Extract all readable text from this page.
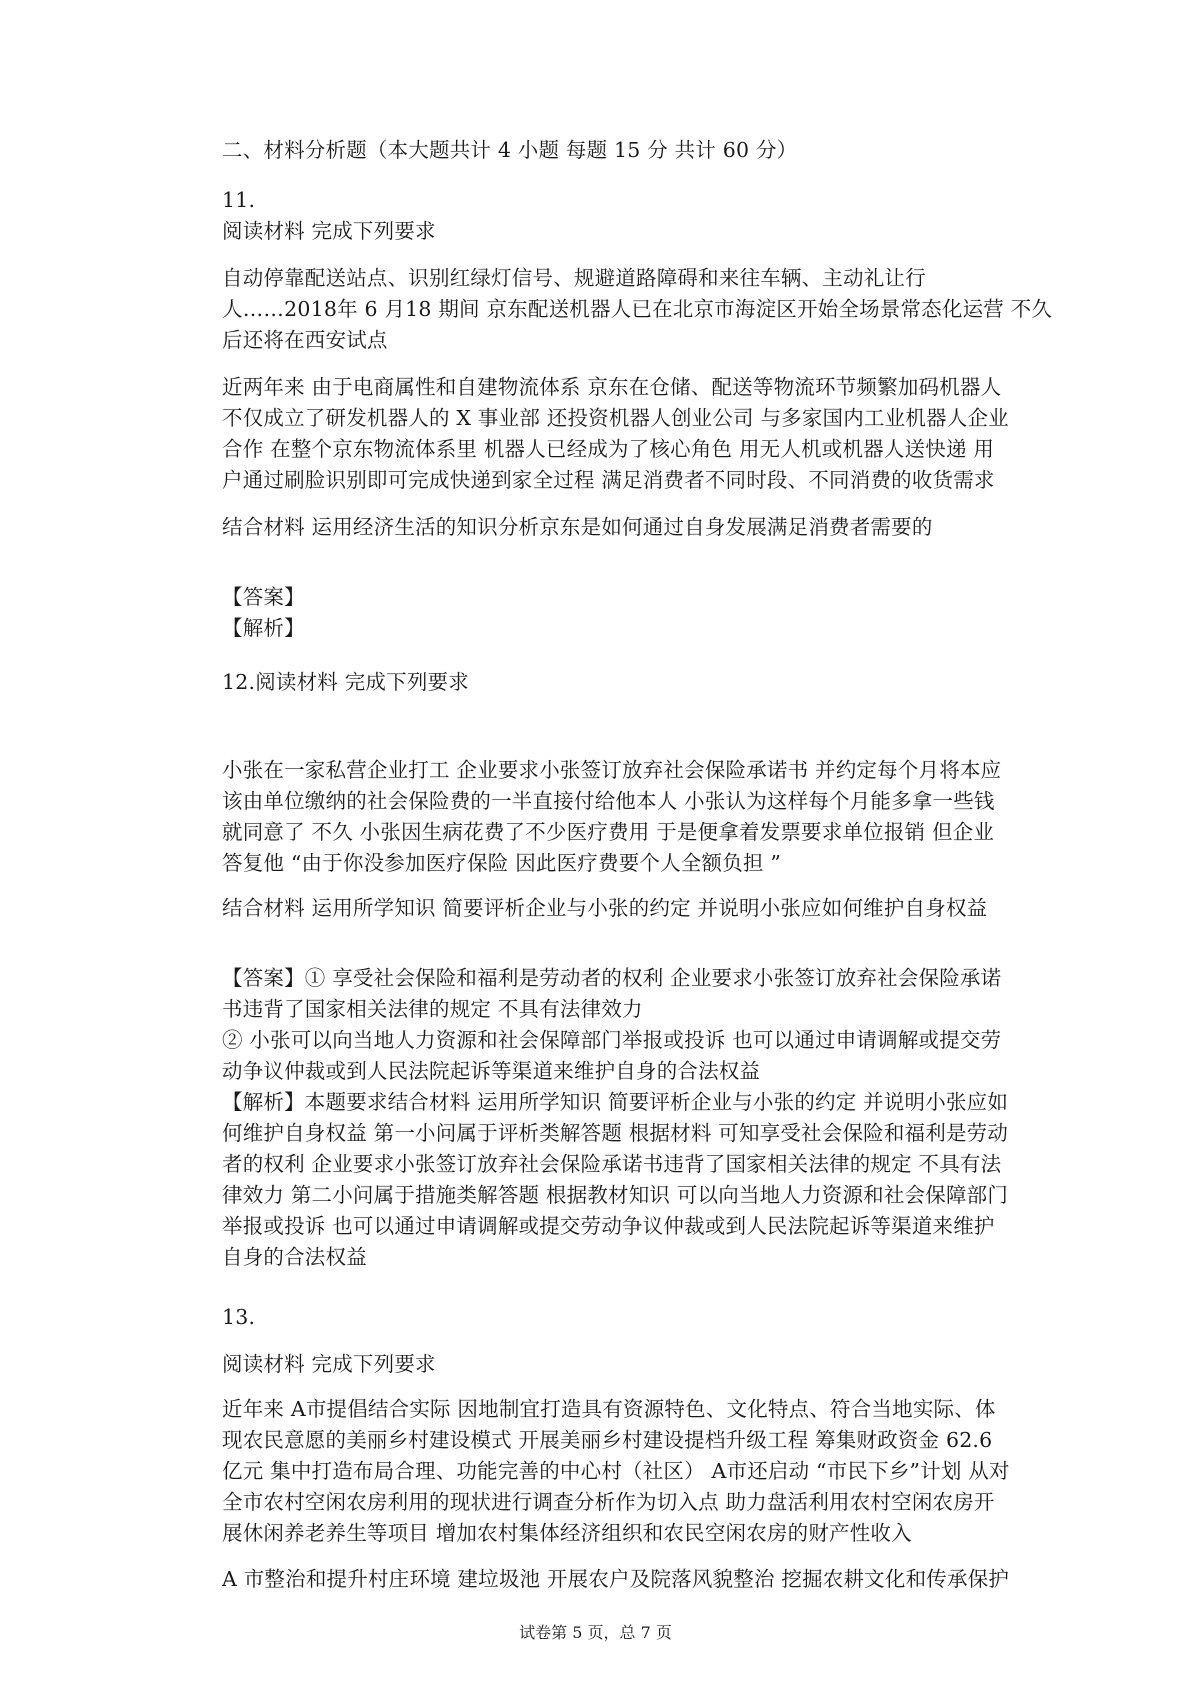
二、材料分析题（本大题共计 4 小题 每题 15 分 共计 60 分）
11.
阅读材料 完成下列要求
自动停靠配送站点、识别红绿灯信号、规避道路障碍和来往车辆、主动礼让行
人……2018年 6 月18 期间 京东配送机器人已在北京市海淀区开始全场景常态化运营 不久
后还将在西安试点
近两年来 由于电商属性和自建物流体系 京东在仓储、配送等物流环节频繁加码机器人
不仅成立了研发机器人的 X 事业部 还投资机器人创业公司 与多家国内工业机器人企业
合作 在整个京东物流体系里 机器人已经成为了核心角色 用无人机或机器人送快递 用
户通过刷脸识别即可完成快递到家全过程 满足消费者不同时段、不同消费的收货需求
结合材料 运用经济生活的知识分析京东是如何通过自身发展满足消费者需要的
【答案】
【解析】
12.阅读材料 完成下列要求
小张在一家私营企业打工 企业要求小张签订放弃社会保险承诺书 并约定每个月将本应
该由单位缴纳的社会保险费的一半直接付给他本人 小张认为这样每个月能多拿一些钱
就同意了 不久 小张因生病花费了不少医疗费用 于是便拿着发票要求单位报销 但企业
答复他 “由于你没参加医疗保险 因此医疗费要个人全额负担 ”
结合材料 运用所学知识 简要评析企业与小张的约定 并说明小张应如何维护自身权益
【答案】① 享受社会保险和福利是劳动者的权利 企业要求小张签订放弃社会保险承诺
书违背了国家相关法律的规定 不具有法律效力
② 小张可以向当地人力资源和社会保障部门举报或投诉 也可以通过申请调解或提交劳
动争议仲裁或到人民法院起诉等渠道来维护自身的合法权益
【解析】本题要求结合材料 运用所学知识 简要评析企业与小张的约定 并说明小张应如
何维护自身权益 第一小问属于评析类解答题 根据材料 可知享受社会保险和福利是劳动
者的权利 企业要求小张签订放弃社会保险承诺书违背了国家相关法律的规定 不具有法
律效力 第二小问属于措施类解答题 根据教材知识 可以向当地人力资源和社会保障部门
举报或投诉 也可以通过申请调解或提交劳动争议仲裁或到人民法院起诉等渠道来维护
自身的合法权益
13.
阅读材料 完成下列要求
近年来 A市提倡结合实际 因地制宜打造具有资源特色、文化特点、符合当地实际、体
现农民意愿的美丽乡村建设模式 开展美丽乡村建设提档升级工程 筹集财政资金 62.6
亿元 集中打造布局合理、功能完善的中心村（社区） A市还启动 “市民下乡”计划 从对
全市农村空闲农房利用的现状进行调查分析作为切入点 助力盘活利用农村空闲农房开
展休闲养老养生等项目 增加农村集体经济组织和农民空闲农房的财产性收入
A 市整治和提升村庄环境 建垃圾池 开展农户及院落风貌整治 挖掘农耕文化和传承保护
试卷第 5 页，总 7 页
